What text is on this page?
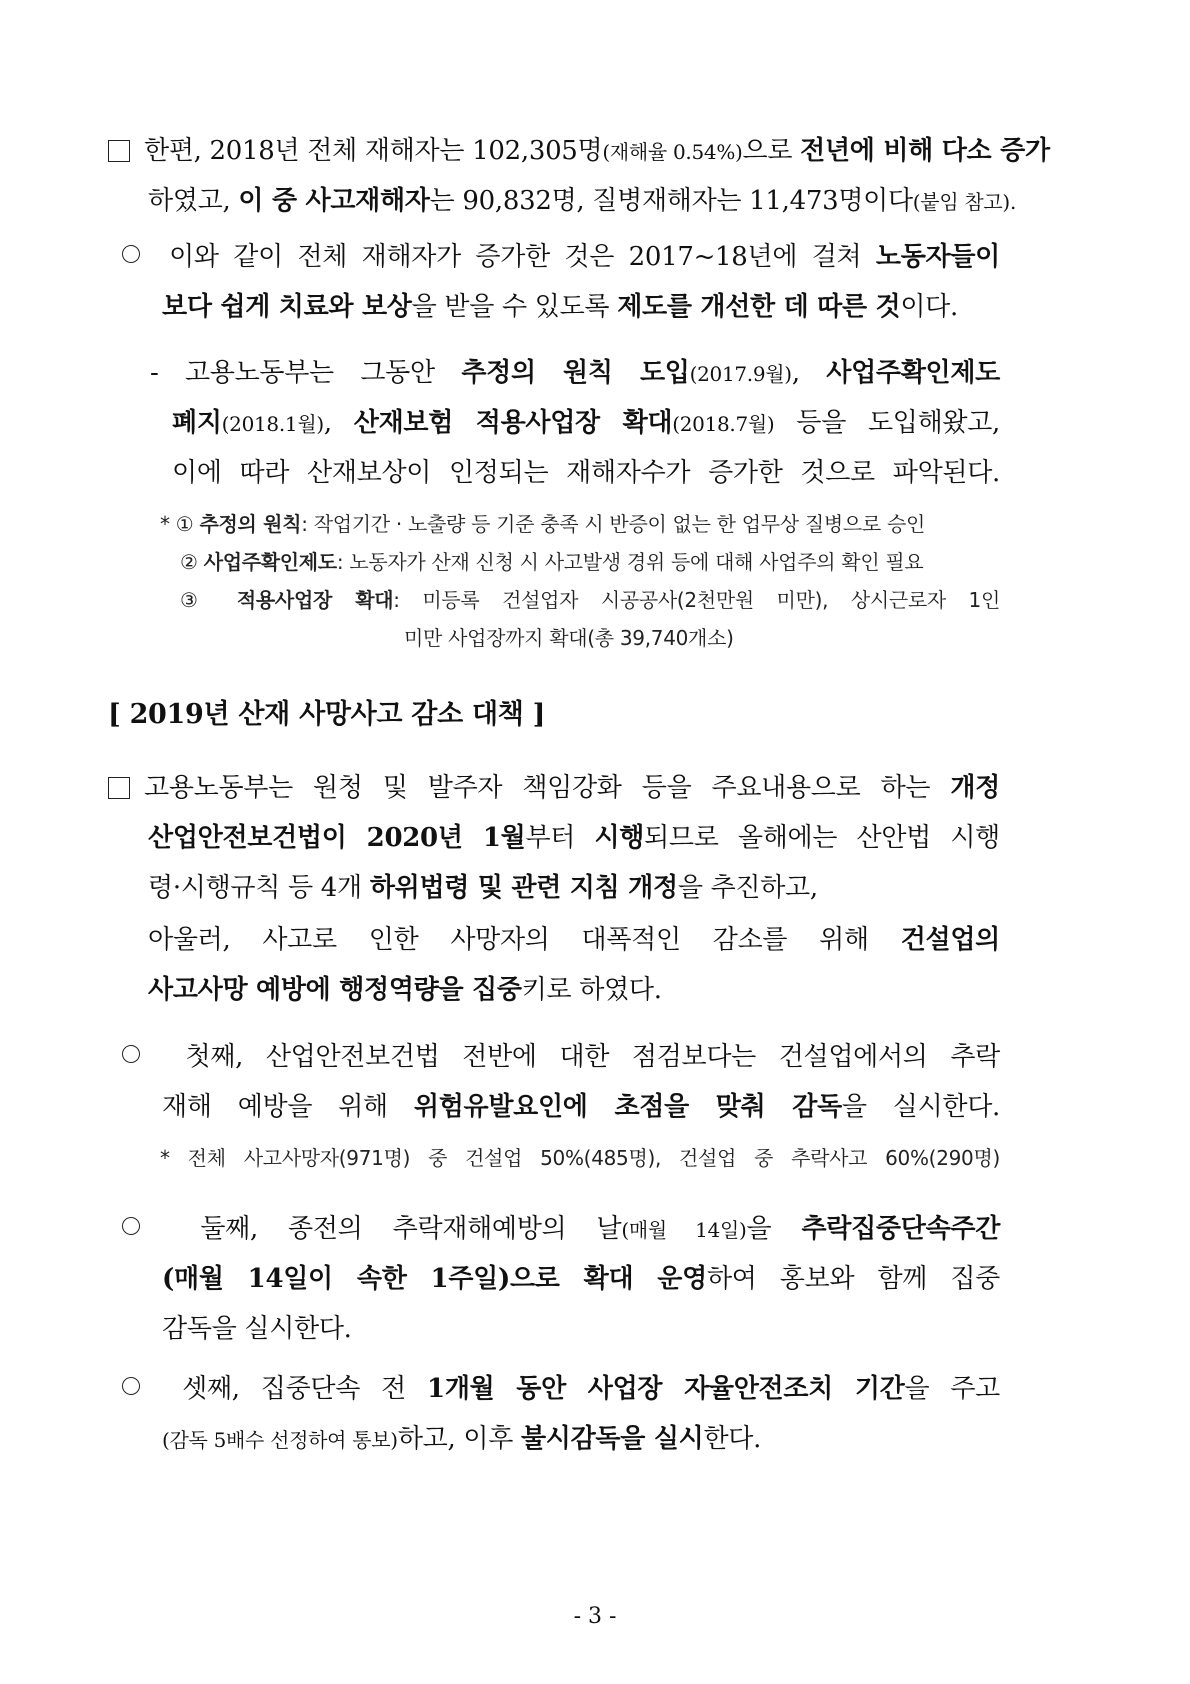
한편, 2018년 전체 재해자는 102,305명(재해율 0.54%)으로 전년에 비해 다소 증가
하였고, 이 중 사고재해자는 90,832명, 질병재해자는 11,473명이다(붙임 참고).
이와 같이 전체 재해자가 증가한 것은 2017~18년에 걸쳐 노동자들이
보다 쉽게 치료와 보상을 받을 수 있도록 제도를 개선한 데 따른 것이다.
- 고용노동부는 그동안 추정의 원칙 도입(2017.9월), 사업주확인제도
폐지(2018.1월), 산재보험 적용사업장 확대(2018.7월) 등을 도입해왔고,
이에 따라 산재보상이 인정되는 재해자수가 증가한 것으로 파악된다.
* ① 추정의 원칙: 작업기간 · 노출량 등 기준 충족 시 반증이 없는 한 업무상 질병으로 승인
② 사업주확인제도: 노동자가 산재 신청 시 사고발생 경위 등에 대해 사업주의 확인 필요
③ 적용사업장 확대: 미등록 건설업자 시공공사(2천만원 미만), 상시근로자 1인
미만 사업장까지 확대(총 39,740개소)
[ 2019년 산재 사망사고 감소 대책 ]
고용노동부는 원청 및 발주자 책임강화 등을 주요내용으로 하는 개정
산업안전보건법이 2020년 1월부터 시행되므로 올해에는 산안법 시행
령·시행규칙 등 4개 하위법령 및 관련 지침 개정을 추진하고,
아울러, 사고로 인한 사망자의 대폭적인 감소를 위해 건설업의
사고사망 예방에 행정역량을 집중키로 하였다.
첫째, 산업안전보건법 전반에 대한 점검보다는 건설업에서의 추락
재해 예방을 위해 위험유발요인에 초점을 맞춰 감독을 실시한다.
* 전체 사고사망자(971명) 중 건설업 50%(485명), 건설업 중 추락사고 60%(290명)
둘째, 종전의 추락재해예방의 날(매월 14일)을 추락집중단속주간
(매월 14일이 속한 1주일)으로 확대 운영하여 홍보와 함께 집중
감독을 실시한다.
셋째, 집중단속 전 1개월 동안 사업장 자율안전조치 기간을 주고
(감독 5배수 선정하여 통보)하고, 이후 불시감독을 실시한다.
- 3 -
